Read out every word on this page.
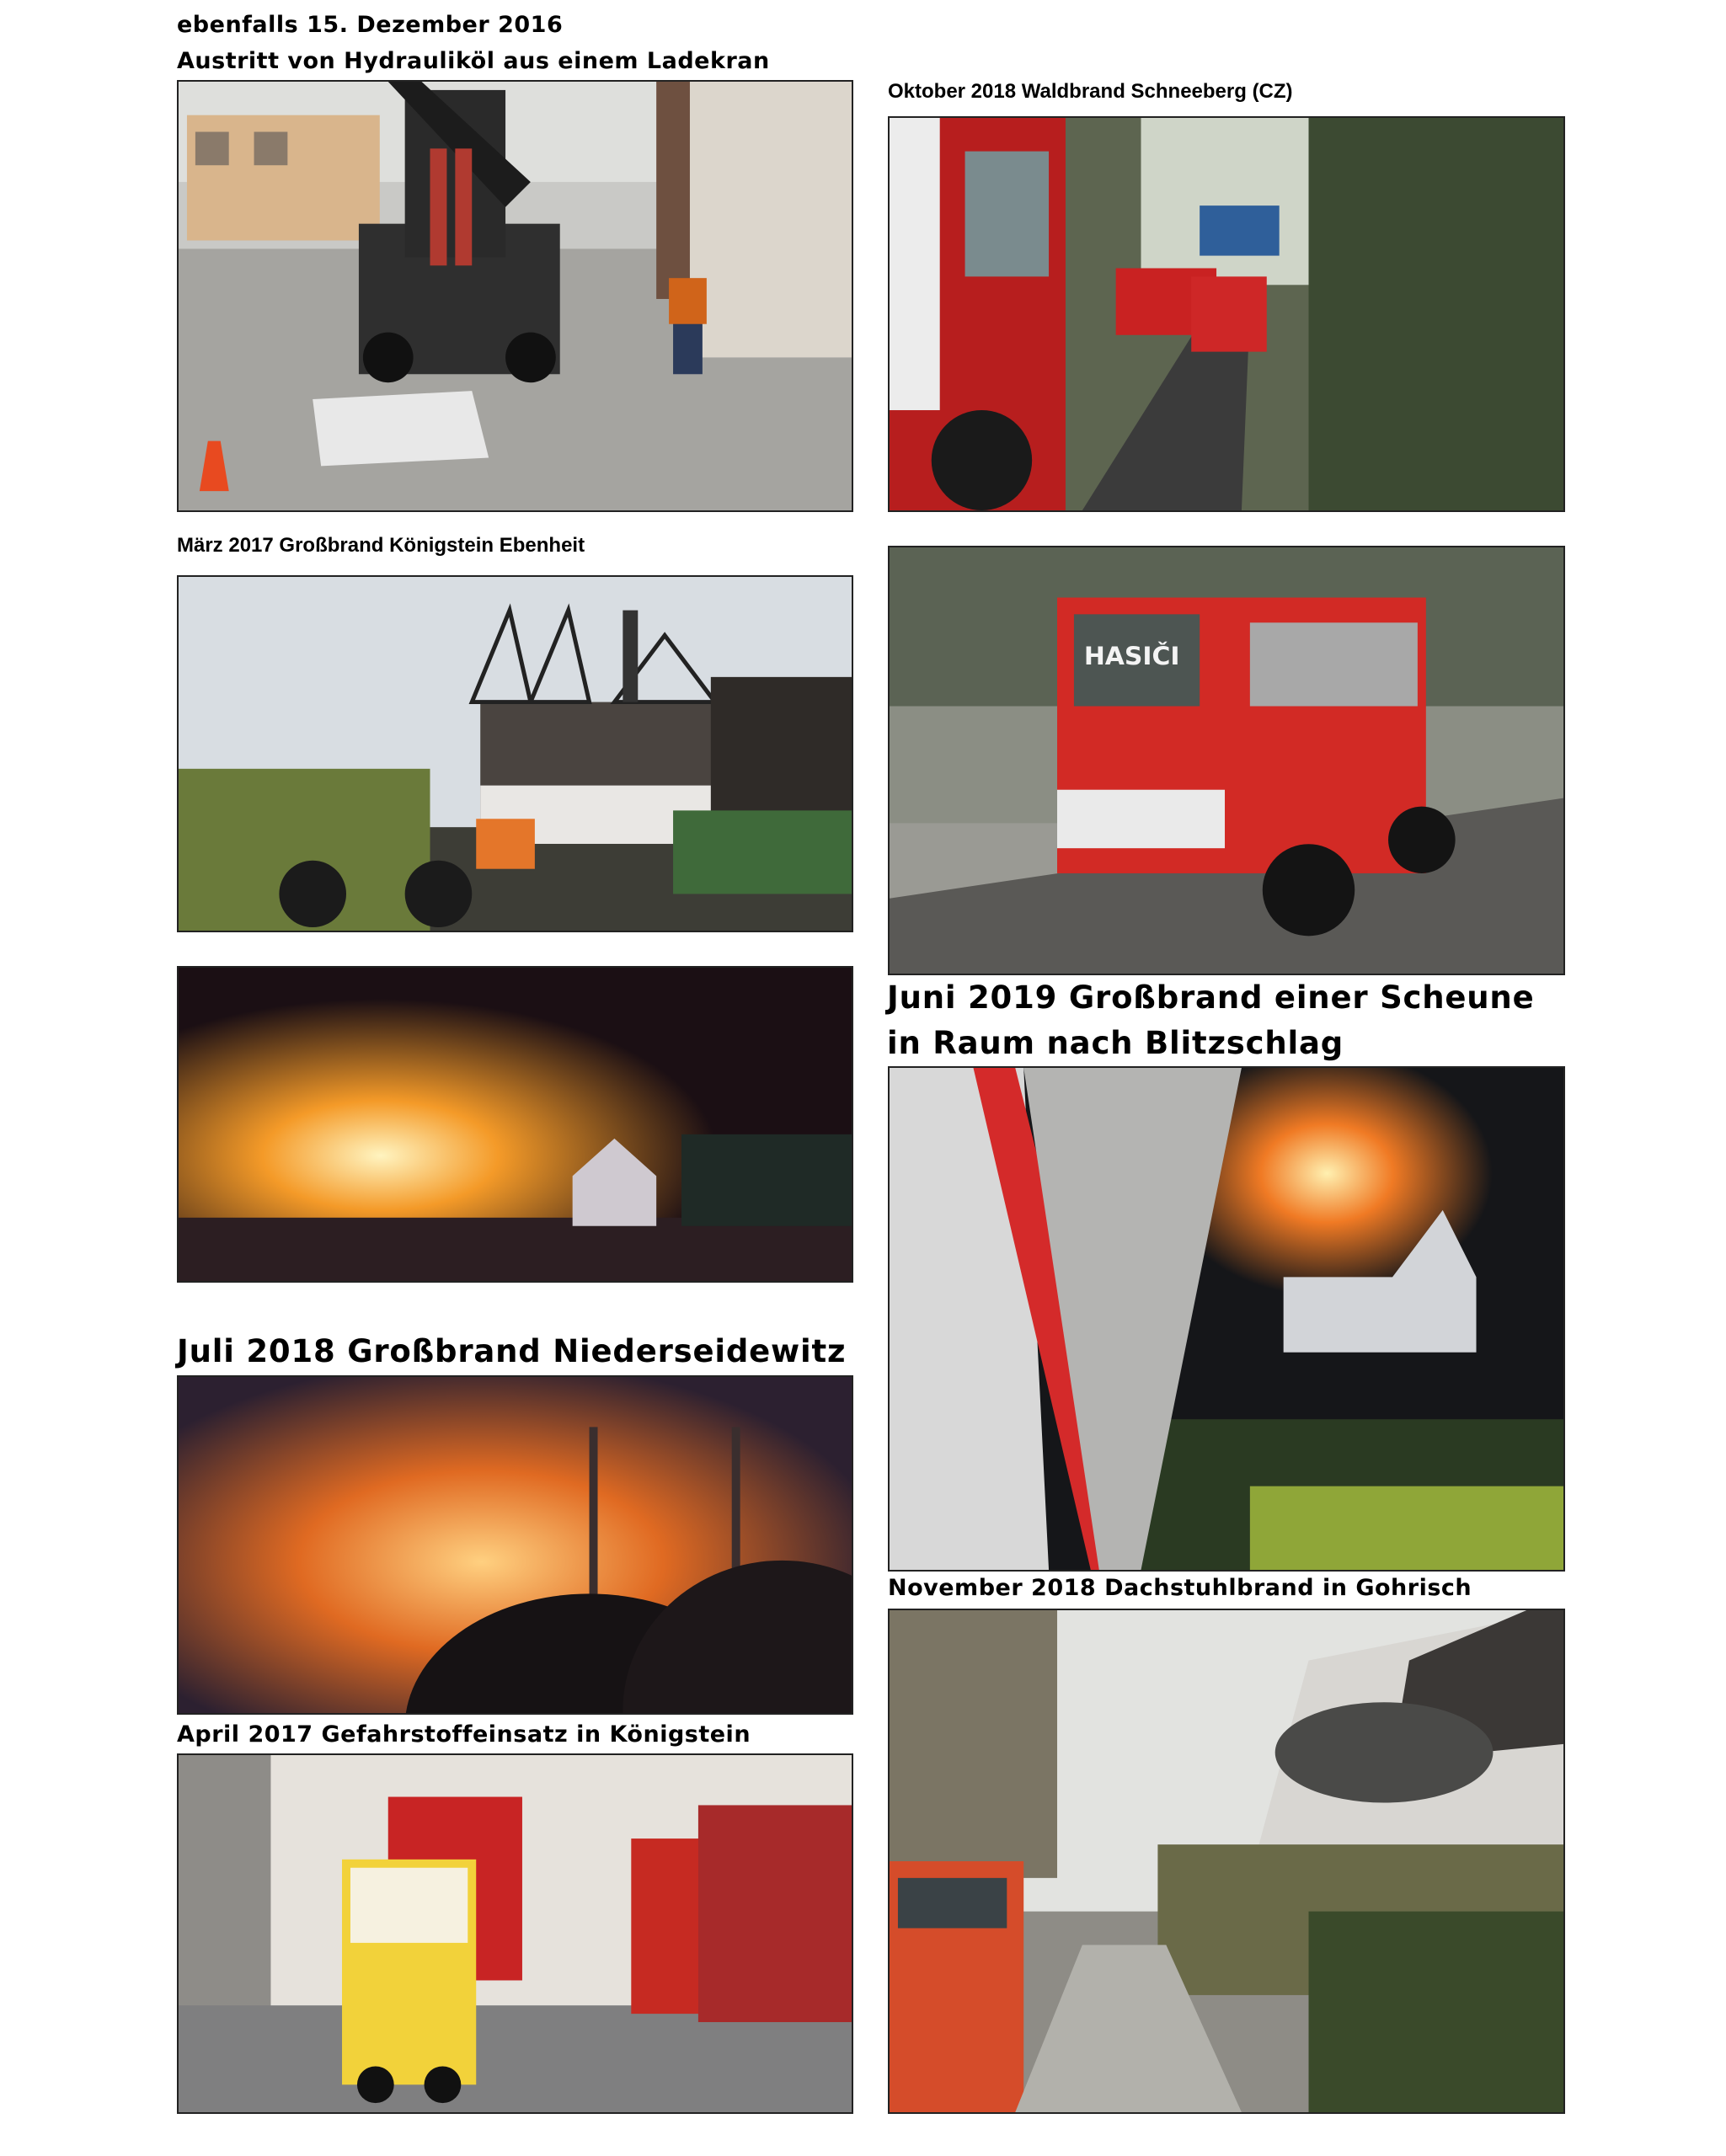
ebenfalls 15. Dezember 2016
Austritt von Hydrauliköl aus einem Ladekran
Oktober 2018 Waldbrand Schneeberg (CZ)
März 2017 Großbrand Königstein Ebenheit
Juni 2019 Großbrand einer Scheune
in Raum nach Blitzschlag
Juli 2018 Großbrand Niederseidewitz
April 2017 Gefahrstoffeinsatz in Königstein
November 2018 Dachstuhlbrand in Gohrisch
HASIČI
